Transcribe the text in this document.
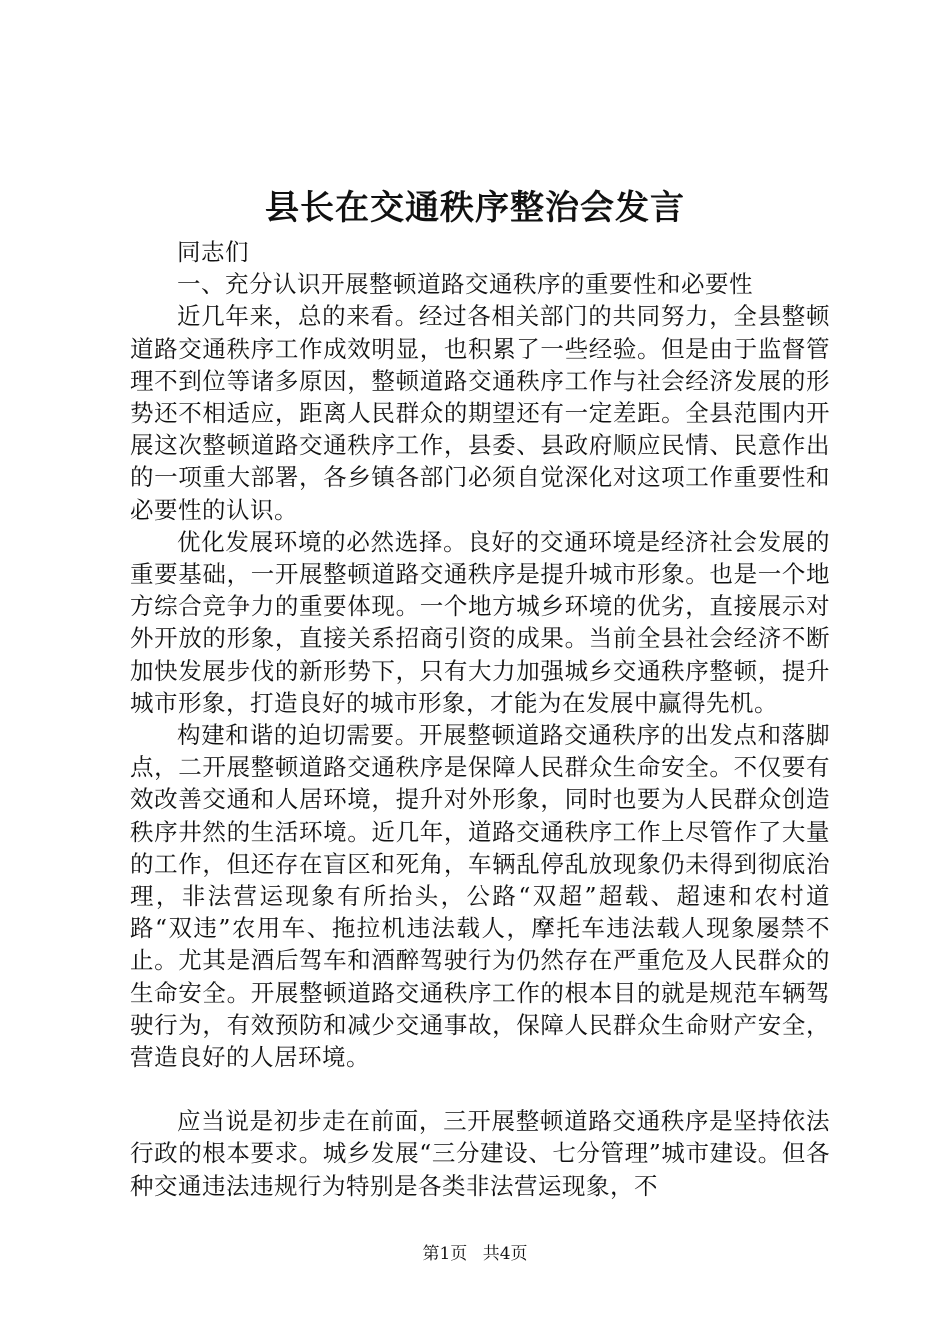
县长在交通秩序整治会发言

同志们

一、充分认识开展整顿道路交通秩序的重要性和必要性

近几年来，总的来看。经过各相关部门的共同努力，全县整顿道路交通秩序工作成效明显，也积累了一些经验。但是由于监督管理不到位等诸多原因，整顿道路交通秩序工作与社会经济发展的形势还不相适应，距离人民群众的期望还有一定差距。全县范围内开展这次整顿道路交通秩序工作，县委、县政府顺应民情、民意作出的一项重大部署，各乡镇各部门必须自觉深化对这项工作重要性和必要性的认识。

优化发展环境的必然选择。良好的交通环境是经济社会发展的重要基础，一开展整顿道路交通秩序是提升城市形象。也是一个地方综合竞争力的重要体现。一个地方城乡环境的优劣，直接展示对外开放的形象，直接关系招商引资的成果。当前全县社会经济不断加快发展步伐的新形势下，只有大力加强城乡交通秩序整顿，提升城市形象，打造良好的城市形象，才能为在发展中赢得先机。

构建和谐的迫切需要。开展整顿道路交通秩序的出发点和落脚点，二开展整顿道路交通秩序是保障人民群众生命安全。不仅要有效改善交通和人居环境，提升对外形象，同时也要为人民群众创造秩序井然的生活环境。近几年，道路交通秩序工作上尽管作了大量的工作，但还存在盲区和死角，车辆乱停乱放现象仍未得到彻底治理，非法营运现象有所抬头，公路“双超”超载、超速和农村道路“双违”农用车、拖拉机违法载人，摩托车违法载人现象屡禁不止。尤其是酒后驾车和酒醉驾驶行为仍然存在严重危及人民群众的生命安全。开展整顿道路交通秩序工作的根本目的就是规范车辆驾驶行为，有效预防和减少交通事故，保障人民群众生命财产安全，营造良好的人居环境。

应当说是初步走在前面，三开展整顿道路交通秩序是坚持依法行政的根本要求。城乡发展“三分建设、七分管理”城市建设。但各种交通违法违规行为特别是各类非法营运现象，不

第1页 共4页
